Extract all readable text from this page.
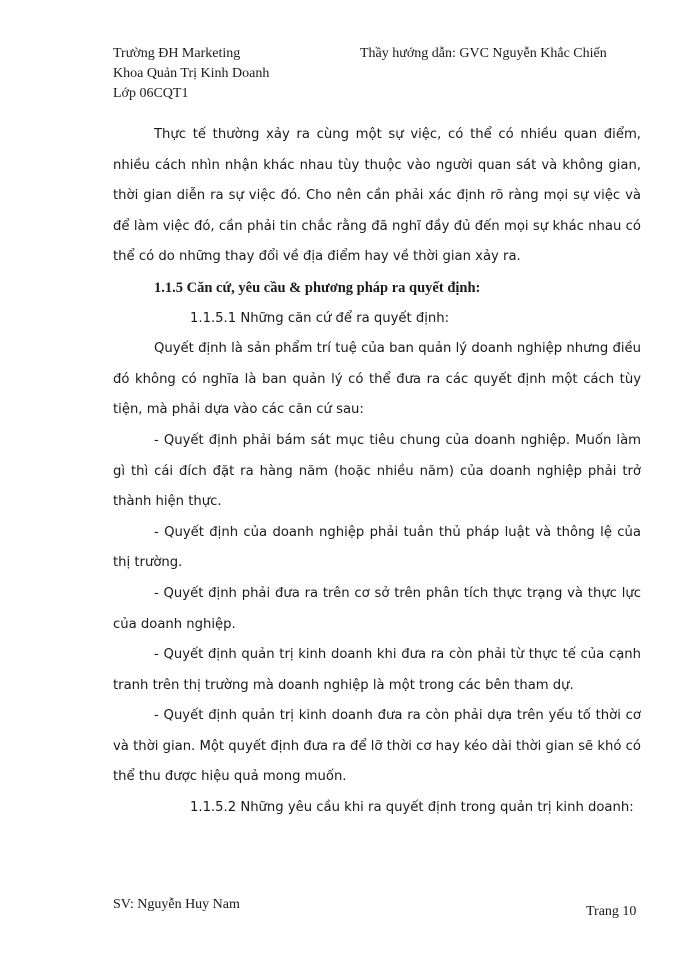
Trường ĐH Marketing
Khoa Quản Trị Kinh Doanh
Lớp 06CQT1
Thầy hướng dẫn: GVC Nguyễn Khắc Chiến

Thực tế thường xảy ra cùng một sự việc, có thể có nhiều quan điểm, nhiều cách nhìn nhận khác nhau tùy thuộc vào người quan sát và không gian, thời gian diễn ra sự việc đó. Cho nên cần phải xác định rõ ràng mọi sự việc và để làm việc đó, cần phải tin chắc rằng đã nghĩ đầy đủ đến mọi sự khác nhau có thể có do những thay đổi về địa điểm hay về thời gian xảy ra.

1.1.5 Căn cứ, yêu cầu & phương pháp ra quyết định:

1.1.5.1 Những căn cứ để ra quyết định:

Quyết định là sản phẩm trí tuệ của ban quản lý doanh nghiệp nhưng điều đó không có nghĩa là ban quản lý có thể đưa ra các quyết định một cách tùy tiện, mà phải dựa vào các căn cứ sau:

- Quyết định phải bám sát mục tiêu chung của doanh nghiệp. Muốn làm gì thì cái đích đặt ra hàng năm (hoặc nhiều năm) của doanh nghiệp phải trở thành hiện thực.

- Quyết định của doanh nghiệp phải tuân thủ pháp luật và thông lệ của thị trường.

- Quyết định phải đưa ra trên cơ sở trên phân tích thực trạng và thực lực của doanh nghiệp.

- Quyết định quản trị kinh doanh khi đưa ra còn phải từ thực tế của cạnh tranh trên thị trường mà doanh nghiệp là một trong các bên tham dự.

- Quyết định quản trị kinh doanh đưa ra còn phải dựa trên yếu tố thời cơ và thời gian. Một quyết định đưa ra để lỡ thời cơ hay kéo dài thời gian sẽ khó có thể thu được hiệu quả mong muốn.

1.1.5.2 Những yêu cầu khi ra quyết định trong quản trị kinh doanh:

SV: Nguyễn Huy Nam	Trang 10
